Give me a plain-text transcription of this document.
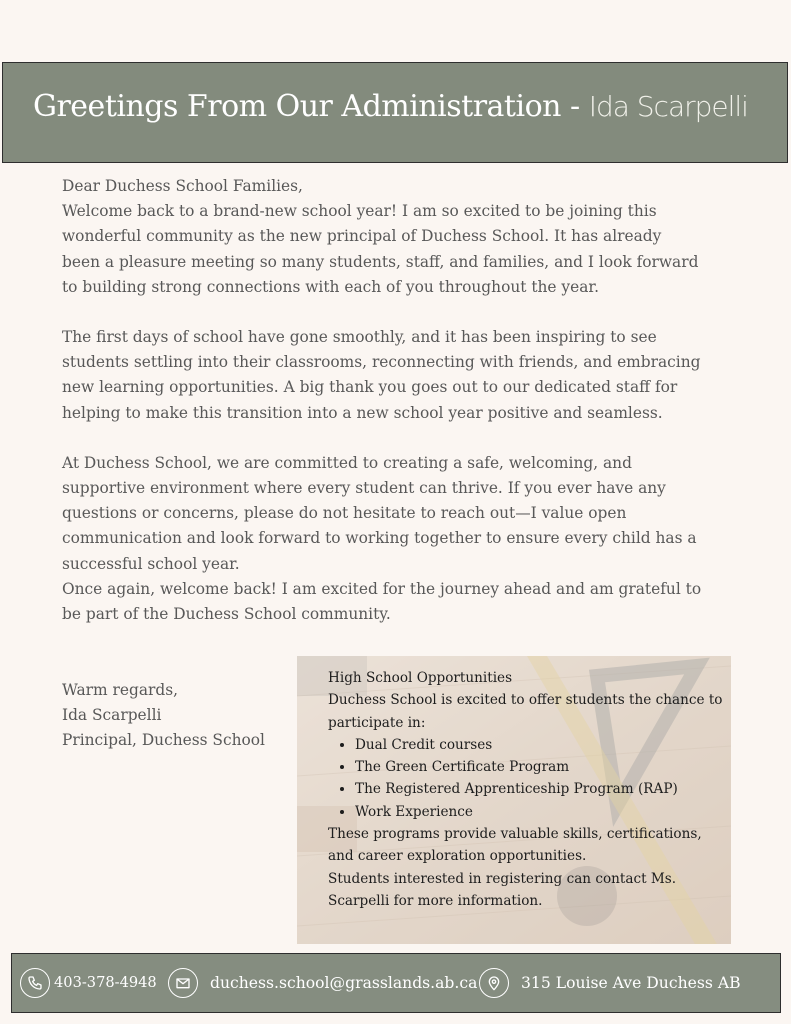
Greetings From Our Administration - Ida Scarpelli

Dear Duchess School Families,

Welcome back to a brand-new school year! I am so excited to be joining this wonderful community as the new principal of Duchess School. It has already been a pleasure meeting so many students, staff, and families, and I look forward to building strong connections with each of you throughout the year.

The first days of school have gone smoothly, and it has been inspiring to see students settling into their classrooms, reconnecting with friends, and embracing new learning opportunities. A big thank you goes out to our dedicated staff for helping to make this transition into a new school year positive and seamless.

At Duchess School, we are committed to creating a safe, welcoming, and supportive environment where every student can thrive. If you ever have any questions or concerns, please do not hesitate to reach out—I value open communication and look forward to working together to ensure every child has a successful school year.

Once again, welcome back! I am excited for the journey ahead and am grateful to be part of the Duchess School community.

Warm regards,
Ida Scarpelli
Principal, Duchess School
High School Opportunities
Duchess School is excited to offer students the chance to participate in:
• Dual Credit courses
• The Green Certificate Program
• The Registered Apprenticeship Program (RAP)
• Work Experience
These programs provide valuable skills, certifications, and career exploration opportunities.
Students interested in registering can contact Ms. Scarpelli for more information.
403-378-4948	duchess.school@grasslands.ab.ca	315 Louise Ave Duchess AB
